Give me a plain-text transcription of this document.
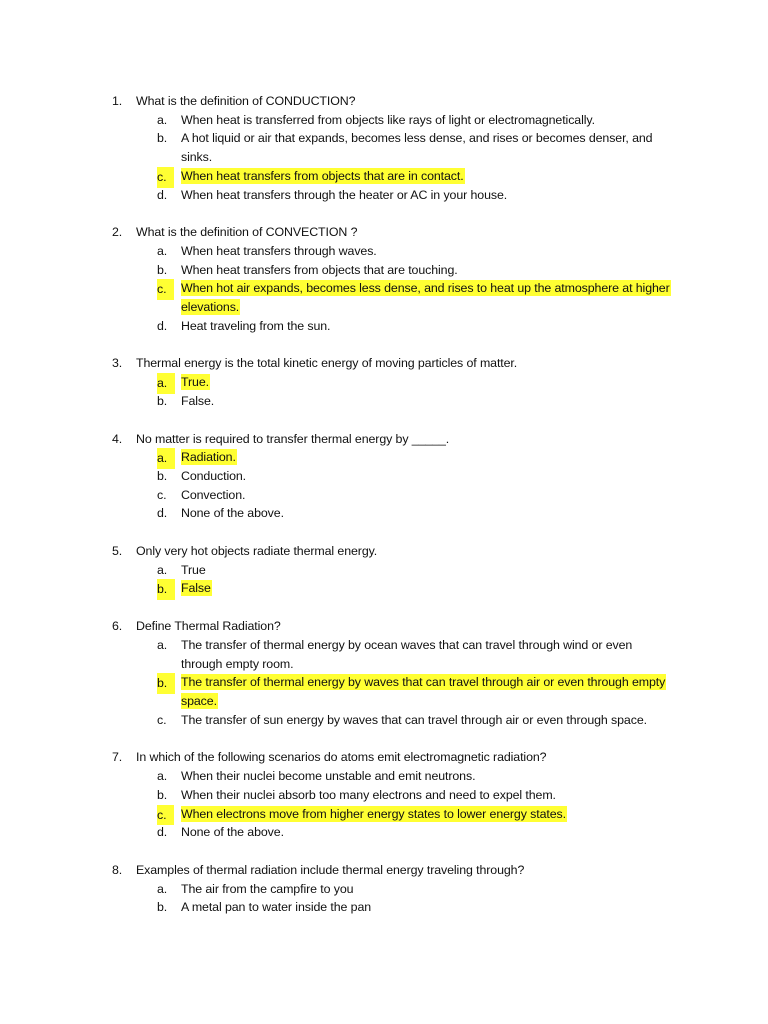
1. What is the definition of CONDUCTION?
a. When heat is transferred from objects like rays of light or electromagnetically.
b. A hot liquid or air that expands, becomes less dense, and rises or becomes denser, and sinks.
c.	When heat transfers from objects that are in contact.
d. When heat transfers through the heater or AC in your house.
2. What is the definition of CONVECTION ?
a. When heat transfers through waves.
b. When heat transfers from objects that are touching.
c.	When hot air expands, becomes less dense, and rises to heat up the atmosphere at higher elevations.
d. Heat traveling from the sun.
3. Thermal energy is the total kinetic energy of moving particles of matter.
a.	True.
b. False.
4. No matter is required to transfer thermal energy by _____.
a.	Radiation.
b. Conduction.
c. Convection.
d. None of the above.
5. Only very hot objects radiate thermal energy.
a. True
b.	False
6. Define Thermal Radiation?
a. The transfer of thermal energy by ocean waves that can travel through wind or even through empty room.
b.	The transfer of thermal energy by waves that can travel through air or even through empty space.
c. The transfer of sun energy by waves that can travel through air or even through space.
7. In which of the following scenarios do atoms emit electromagnetic radiation?
a. When their nuclei become unstable and emit neutrons.
b. When their nuclei absorb too many electrons and need to expel them.
c.	When electrons move from higher energy states to lower energy states.
d. None of the above.
8. Examples of thermal radiation include thermal energy traveling through?
a. The air from the campfire to you
b. A metal pan to water inside the pan
